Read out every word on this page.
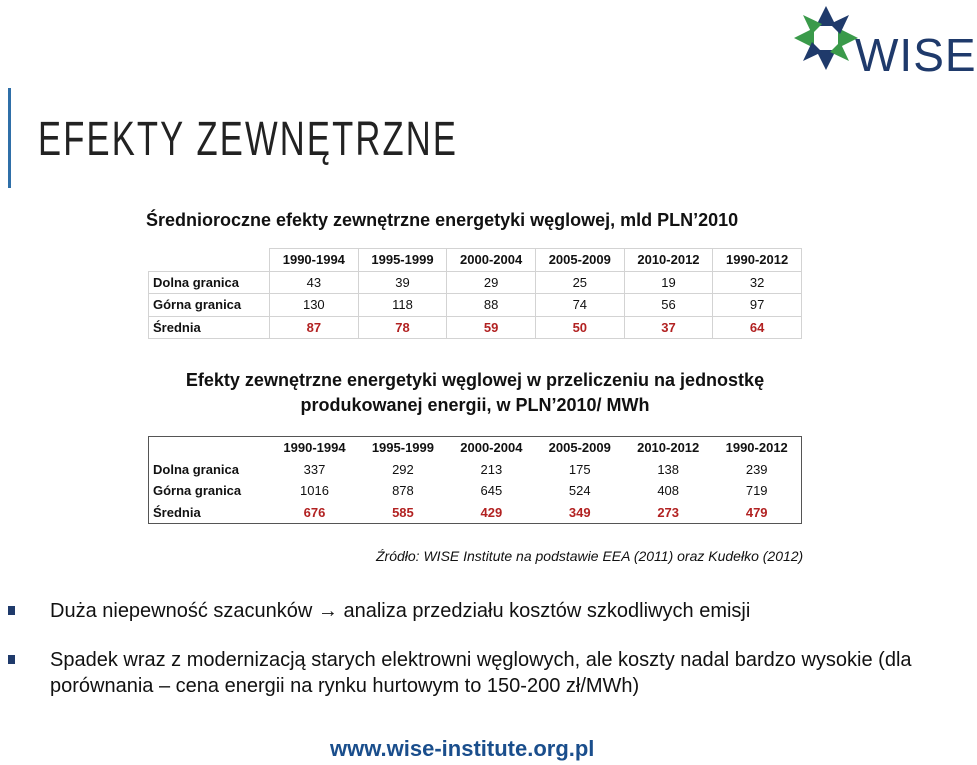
EFEKTY ZEWNĘTRZNE
WISE
Średnioroczne efekty zewnętrzne energetyki węglowej, mld PLN’2010
	1990-1994	1995-1999	2000-2004	2005-2009	2010-2012	1990-2012
Dolna granica	43	39	29	25	19	32
Górna granica	130	118	88	74	56	97
Średnia	87	78	59	50	37	64
Efekty zewnętrzne energetyki węglowej w przeliczeniu na jednostkę
produkowanej energii, w PLN’2010/ MWh
	1990-1994	1995-1999	2000-2004	2005-2009	2010-2012	1990-2012
Dolna granica	337	292	213	175	138	239
Górna granica	1016	878	645	524	408	719
Średnia	676	585	429	349	273	479
Źródło: WISE Institute na podstawie EEA (2011) oraz Kudełko (2012)
Duża niepewność szacunków → analiza przedziału kosztów szkodliwych emisji
Spadek wraz z modernizacją starych elektrowni węglowych, ale koszty nadal bardzo wysokie (dla porównania – cena energii na rynku hurtowym to 150-200 zł/MWh)
www.wise-institute.org.pl
